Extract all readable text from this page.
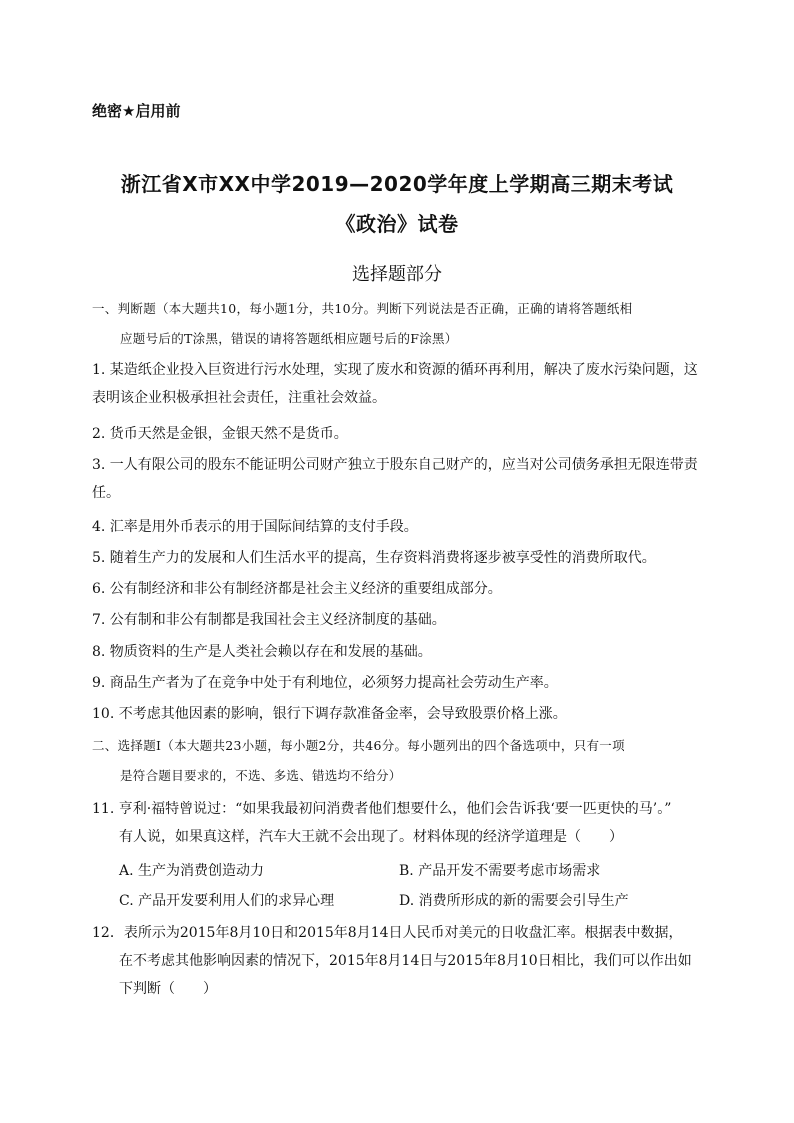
绝密★启用前
浙江省X市XX中学2019—2020学年度上学期高三期末考试
《政治》试卷
选择题部分
一、判断题（本大题共10，每小题1分，共10分。判断下列说法是否正确，正确的请将答题纸相
应题号后的T涂黑，错误的请将答题纸相应题号后的F涂黑）
1. 某造纸企业投入巨资进行污水处理，实现了废水和资源的循环再利用，解决了废水污染问题，这
表明该企业积极承担社会责任，注重社会效益。
2. 货币天然是金银，金银天然不是货币。
3. 一人有限公司的股东不能证明公司财产独立于股东自己财产的，应当对公司债务承担无限连带责
任。
4. 汇率是用外币表示的用于国际间结算的支付手段。
5. 随着生产力的发展和人们生活水平的提高，生存资料消费将逐步被享受性的消费所取代。
6. 公有制经济和非公有制经济都是社会主义经济的重要组成部分。
7. 公有制和非公有制都是我国社会主义经济制度的基础。
8. 物质资料的生产是人类社会赖以存在和发展的基础。
9. 商品生产者为了在竞争中处于有利地位，必须努力提高社会劳动生产率。
10. 不考虑其他因素的影响，银行下调存款准备金率，会导致股票价格上涨。
二、选择题Ⅰ（本大题共23小题，每小题2分，共46分。每小题列出的四个备选项中，只有一项
是符合题目要求的，不选、多选、错选均不给分）
11. 亨利·福特曾说过：“如果我最初问消费者他们想要什么，他们会告诉我‘要一匹更快的马’。”
有人说，如果真这样，汽车大王就不会出现了。材料体现的经济学道理是（　　）
A. 生产为消费创造动力	B. 产品开发不需要考虑市场需求
C. 产品开发要利用人们的求异心理	D. 消费所形成的新的需要会引导生产
12．表所示为2015年8月10日和2015年8月14日人民币对美元的日收盘汇率。根据表中数据，
在不考虑其他影响因素的情况下，2015年8月14日与2015年8月10日相比，我们可以作出如
下判断（　　）
